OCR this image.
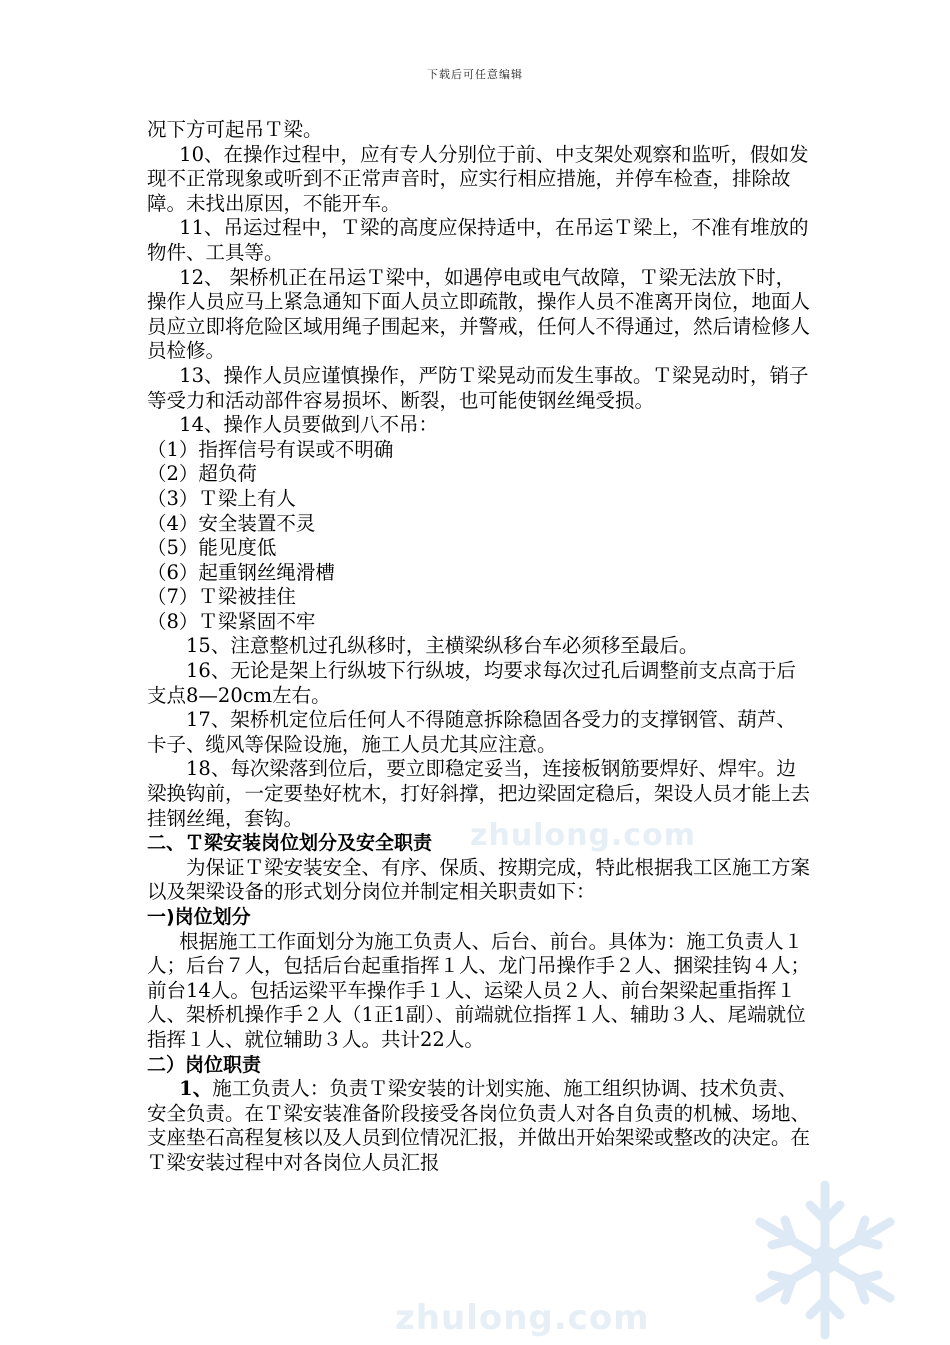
下载后可任意编辑

况下方可起吊Ｔ梁。

10、在操作过程中，应有专人分别位于前、中支架处观察和监听，假如发现不正常现象或听到不正常声音时，应实行相应措施，并停车检查，排除故障。未找出原因，不能开车。

11、吊运过程中，Ｔ梁的高度应保持适中，在吊运Ｔ梁上，不准有堆放的物件、工具等。

12、 架桥机正在吊运Ｔ梁中，如遇停电或电气故障，Ｔ梁无法放下时，操作人员应马上紧急通知下面人员立即疏散，操作人员不准离开岗位，地面人员应立即将危险区域用绳子围起来，并警戒，任何人不得通过，然后请检修人员检修。

13、操作人员应谨慎操作，严防Ｔ梁晃动而发生事故。Ｔ梁晃动时，销子等受力和活动部件容易损坏、断裂，也可能使钢丝绳受损。

14、操作人员要做到八不吊：

（1）指挥信号有误或不明确

（2）超负荷

（3）Ｔ梁上有人

（4）安全装置不灵

（5）能见度低

（6）起重钢丝绳滑槽

（7）Ｔ梁被挂住

（8）Ｔ梁紧固不牢

15、注意整机过孔纵移时，主横梁纵移台车必须移至最后。

16、无论是架上行纵坡下行纵坡，均要求每次过孔后调整前支点高于后支点8—20cm左右。

17、架桥机定位后任何人不得随意拆除稳固各受力的支撑钢管、葫芦、卡子、缆风等保险设施，施工人员尤其应注意。

18、每次梁落到位后，要立即稳定妥当，连接板钢筋要焊好、焊牢。边梁换钩前，一定要垫好枕木，打好斜撑，把边梁固定稳后，架设人员才能上去挂钢丝绳，套钩。

二、Ｔ梁安装岗位划分及安全职责

为保证Ｔ梁安装安全、有序、保质、按期完成，特此根据我工区施工方案以及架梁设备的形式划分岗位并制定相关职责如下：

一)岗位划分

根据施工工作面划分为施工负责人、后台、前台。具体为：施工负责人１人；后台７人，包括后台起重指挥１人、龙门吊操作手２人、捆梁挂钩４人；前台14人。包括运梁平车操作手１人、运梁人员２人、前台架梁起重指挥１人、架桥机操作手２人（1正1副）、前端就位指挥１人、辅助３人、尾端就位指挥１人、就位辅助３人。共计22人。

二）岗位职责

1、施工负责人：负责Ｔ梁安装的计划实施、施工组织协调、技术负责、安全负责。在Ｔ梁安装准备阶段接受各岗位负责人对各自负责的机械、场地、支座垫石高程复核以及人员到位情况汇报，并做出开始架梁或整改的决定。在Ｔ梁安装过程中对各岗位人员汇报

zhulong.com
zhulong.com
